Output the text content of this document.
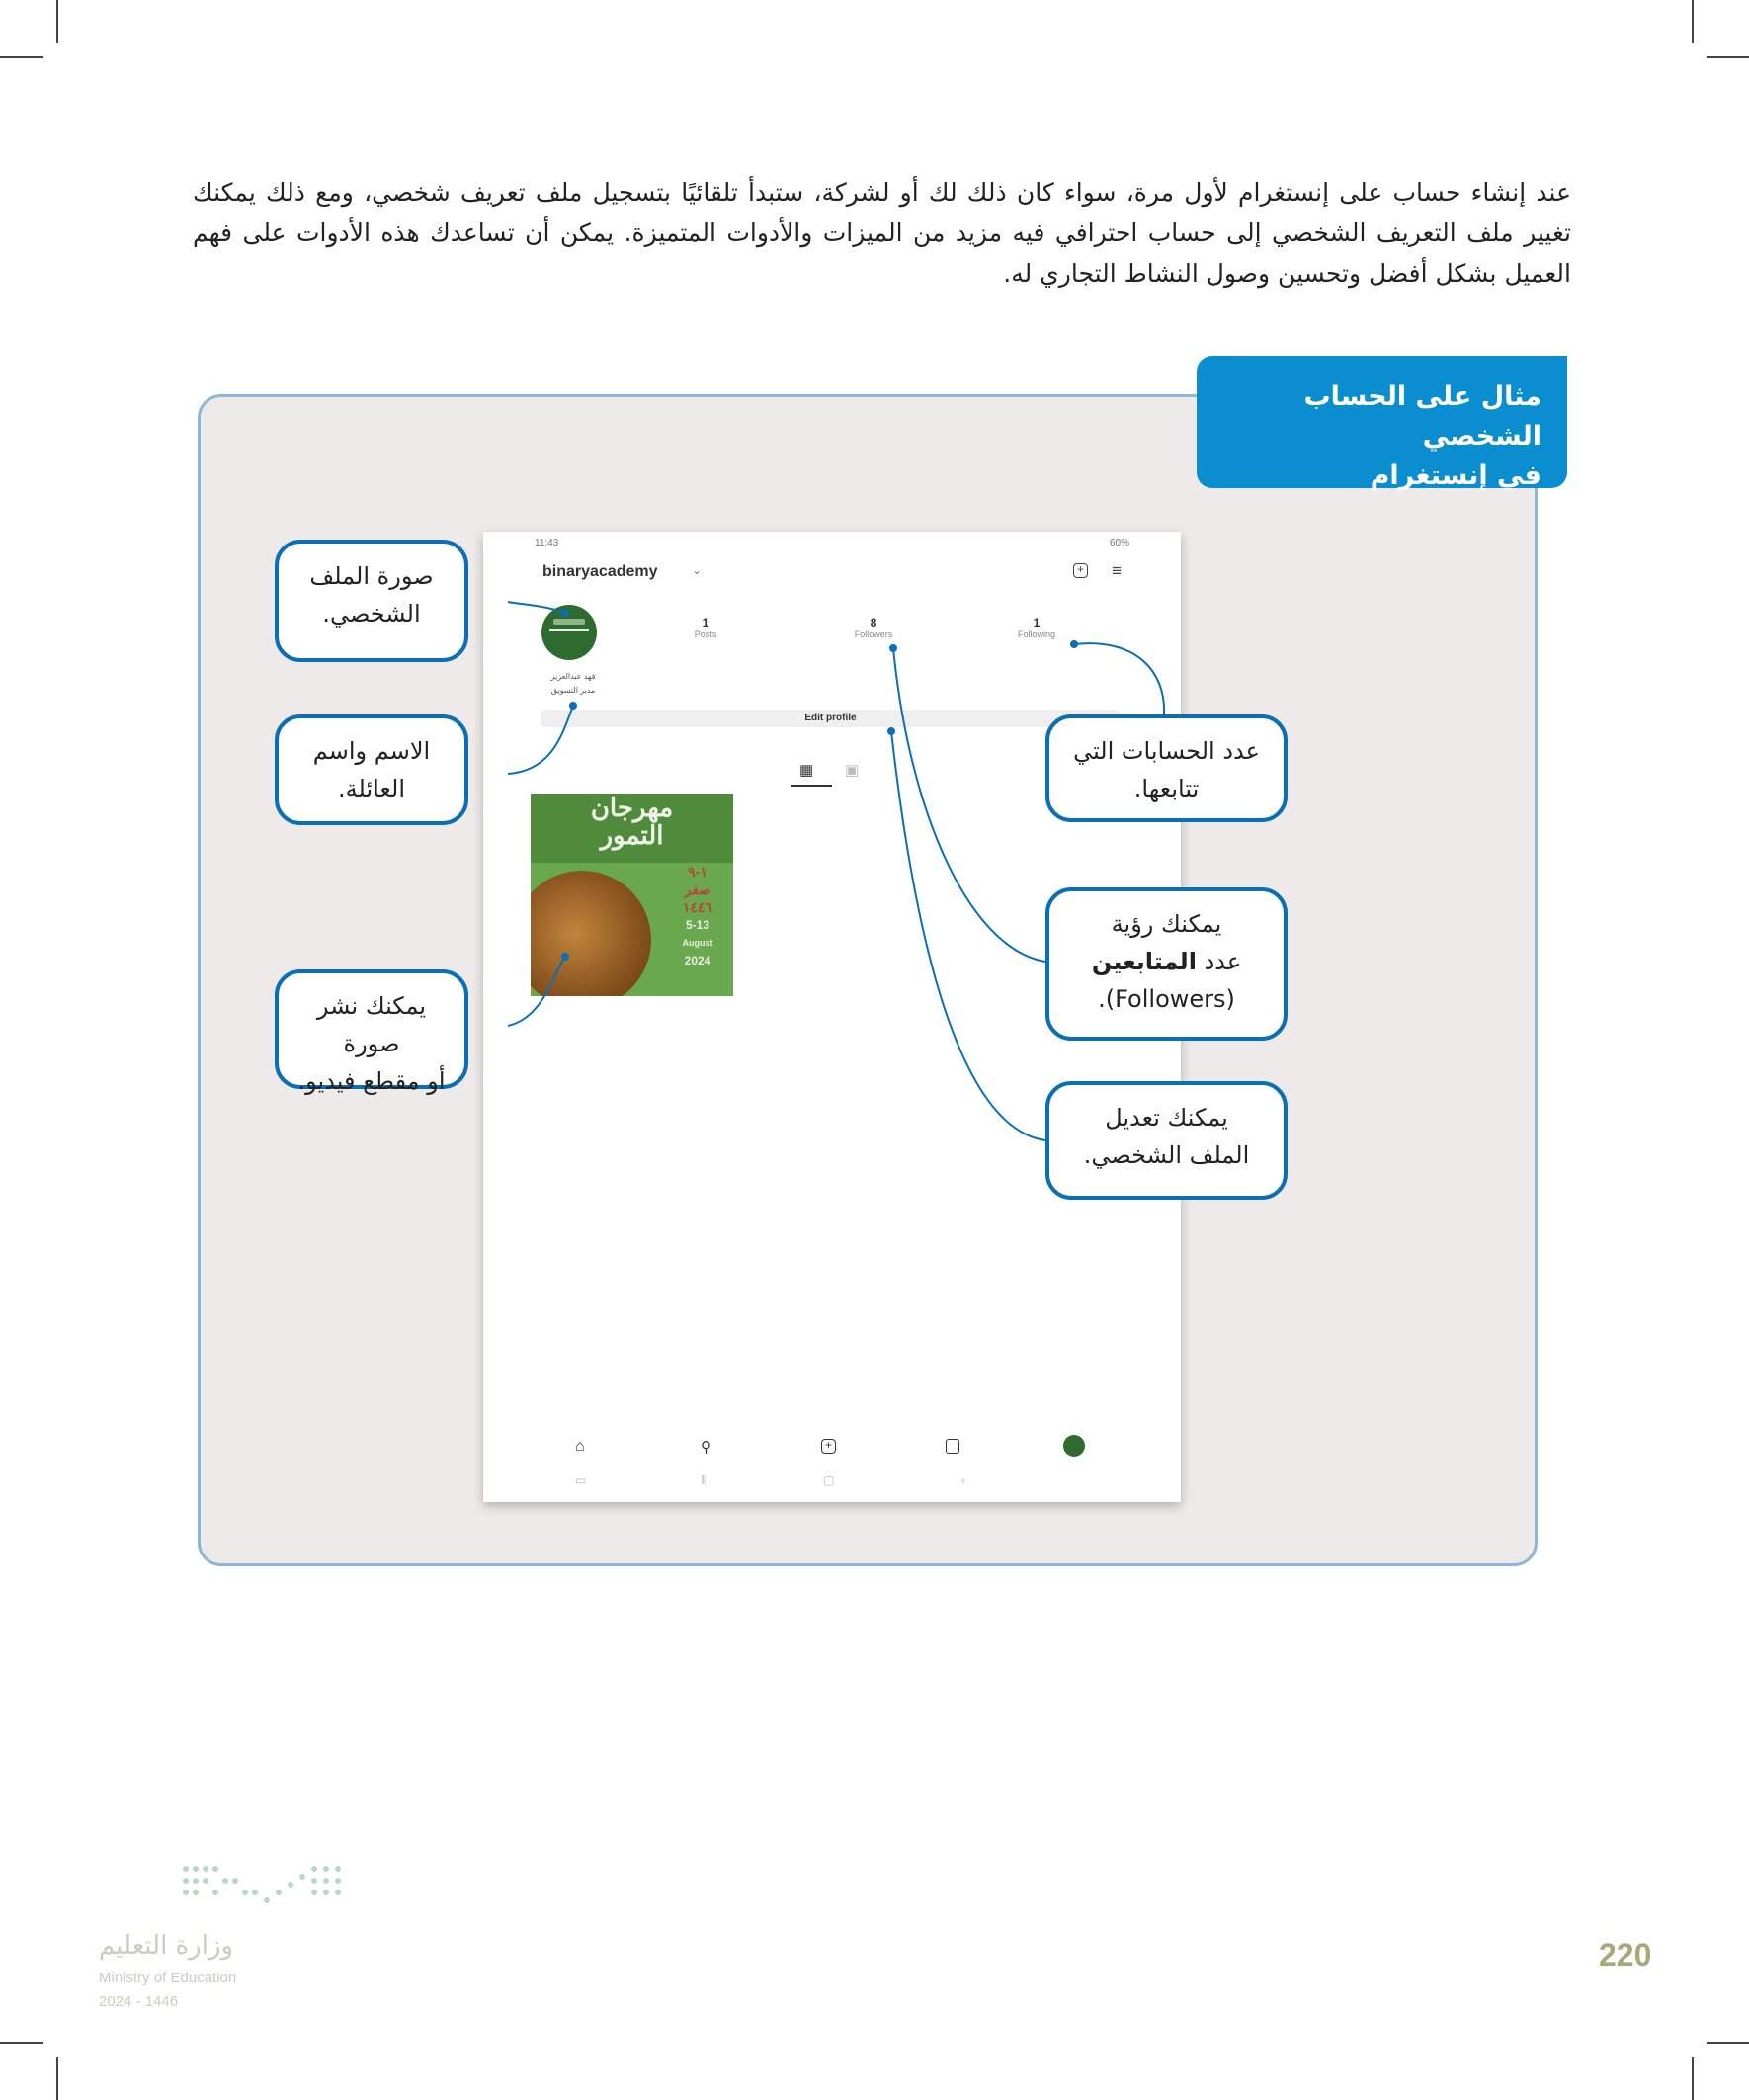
عند إنشاء حساب على إنستغرام لأول مرة، سواء كان ذلك لك أو لشركة، ستبدأ تلقائيًا بتسجيل ملف تعريف شخصي، ومع ذلك يمكنك تغيير ملف التعريف الشخصي إلى حساب احترافي فيه مزيد من الميزات والأدوات المتميزة. يمكن أن تساعدك هذه الأدوات على فهم العميل بشكل أفضل وتحسين وصول النشاط التجاري له.

مثال على الحساب الشخصي
في إنستغرام
11:43	60%
binaryacademy	⌄	+ ≡
1
Posts
8
Followers
1
Following
فهد عبدالعزيز
مدير التسويق
Edit profile
▦ ▣
مهرجان
التمور
١-٩
صفر
١٤٤٦
5-13
August
2024
⌂	⚲	+
▭	⦀	▢	‹
صورة الملف
الشخصي.
الاسم واسم
العائلة.
يمكنك نشر صورة
أو مقطع فيديو.
عدد الحسابات التي
تتابعها.
يمكنك رؤية
عدد المتابعين
(Followers).
يمكنك تعديل
الملف الشخصي.
وزارة التعليم
Ministry of Education
2024 - 1446
220
